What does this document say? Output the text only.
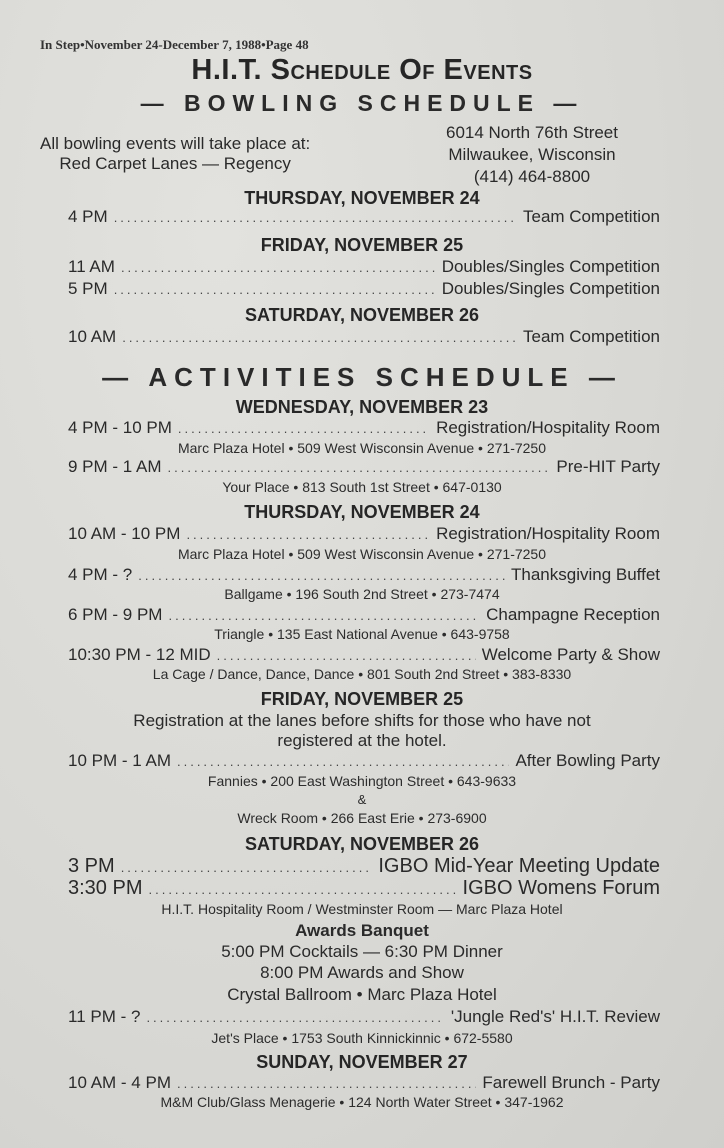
In Step•November 24-December 7, 1988•Page 48
H.I.T. Schedule Of Events
— BOWLING SCHEDULE —
All bowling events will take place at:
Red Carpet Lanes — Regency
6014 North 76th Street
Milwaukee, Wisconsin
(414) 464-8800
THURSDAY, NOVEMBER 24
4 PM .....	Team Competition
FRIDAY, NOVEMBER 25
11 AM .....	Doubles/Singles Competition
5 PM .....	Doubles/Singles Competition
SATURDAY, NOVEMBER 26
10 AM .....	Team Competition
— ACTIVITIES SCHEDULE —
WEDNESDAY, NOVEMBER 23
4 PM - 10 PM .....	Registration/Hospitality Room
Marc Plaza Hotel • 509 West Wisconsin Avenue • 271-7250
9 PM - 1 AM .....	Pre-HIT Party
Your Place • 813 South 1st Street • 647-0130
THURSDAY, NOVEMBER 24
10 AM - 10 PM .....	Registration/Hospitality Room
Marc Plaza Hotel • 509 West Wisconsin Avenue • 271-7250
4 PM - ? .....	Thanksgiving Buffet
Ballgame • 196 South 2nd Street • 273-7474
6 PM - 9 PM .....	Champagne Reception
Triangle • 135 East National Avenue • 643-9758
10:30 PM - 12 MID .....	Welcome Party & Show
La Cage / Dance, Dance, Dance • 801 South 2nd Street • 383-8330
FRIDAY, NOVEMBER 25
Registration at the lanes before shifts for those who have not
registered at the hotel.
10 PM - 1 AM .....	After Bowling Party
Fannies • 200 East Washington Street • 643-9633
&
Wreck Room • 266 East Erie • 273-6900
SATURDAY, NOVEMBER 26
3 PM .....	IGBO Mid-Year Meeting Update
3:30 PM .....	IGBO Womens Forum
H.I.T. Hospitality Room / Westminster Room — Marc Plaza Hotel
Awards Banquet
5:00 PM Cocktails — 6:30 PM Dinner
8:00 PM Awards and Show
Crystal Ballroom • Marc Plaza Hotel
11 PM - ? .....	'Jungle Red's' H.I.T. Review
Jet's Place • 1753 South Kinnickinnic • 672-5580
SUNDAY, NOVEMBER 27
10 AM - 4 PM .....	Farewell Brunch - Party
M&M Club/Glass Menagerie • 124 North Water Street • 347-1962
